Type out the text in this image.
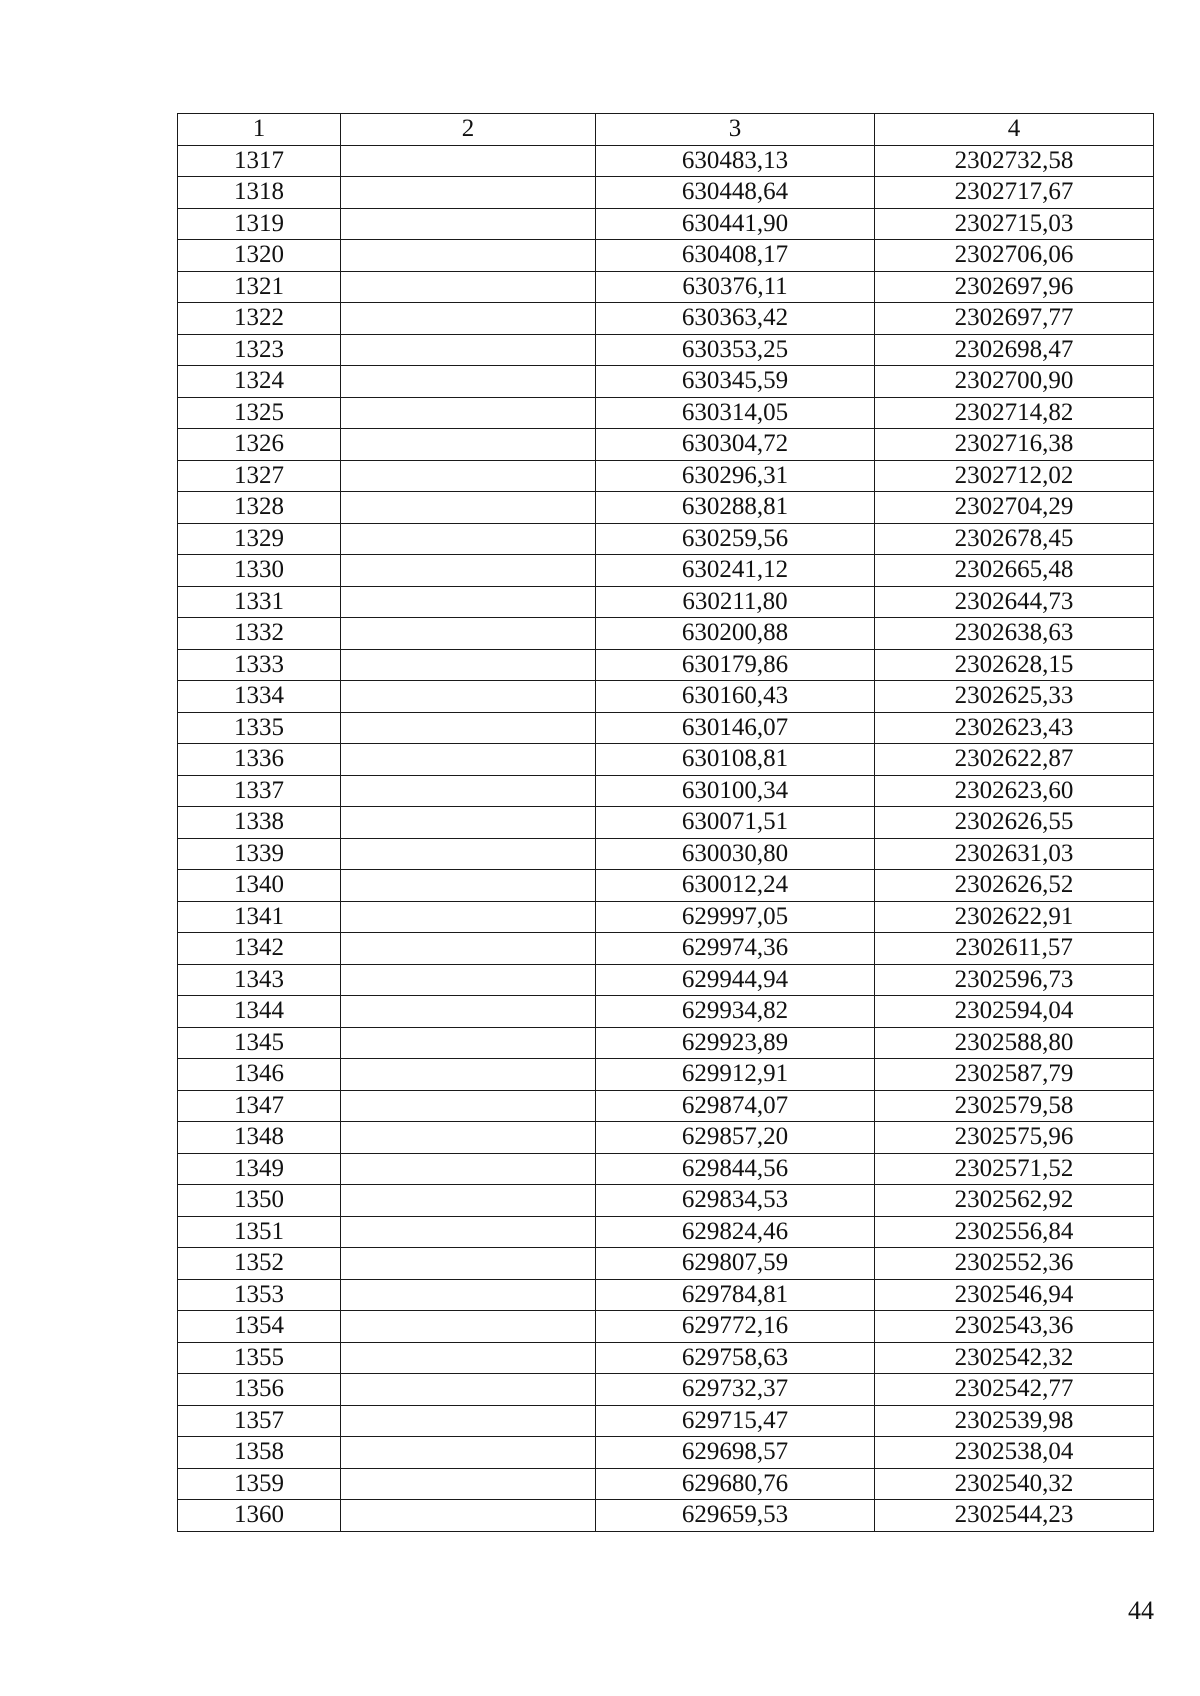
1	2	3	4
1317		630483,13	2302732,58
1318		630448,64	2302717,67
1319		630441,90	2302715,03
1320		630408,17	2302706,06
1321		630376,11	2302697,96
1322		630363,42	2302697,77
1323		630353,25	2302698,47
1324		630345,59	2302700,90
1325		630314,05	2302714,82
1326		630304,72	2302716,38
1327		630296,31	2302712,02
1328		630288,81	2302704,29
1329		630259,56	2302678,45
1330		630241,12	2302665,48
1331		630211,80	2302644,73
1332		630200,88	2302638,63
1333		630179,86	2302628,15
1334		630160,43	2302625,33
1335		630146,07	2302623,43
1336		630108,81	2302622,87
1337		630100,34	2302623,60
1338		630071,51	2302626,55
1339		630030,80	2302631,03
1340		630012,24	2302626,52
1341		629997,05	2302622,91
1342		629974,36	2302611,57
1343		629944,94	2302596,73
1344		629934,82	2302594,04
1345		629923,89	2302588,80
1346		629912,91	2302587,79
1347		629874,07	2302579,58
1348		629857,20	2302575,96
1349		629844,56	2302571,52
1350		629834,53	2302562,92
1351		629824,46	2302556,84
1352		629807,59	2302552,36
1353		629784,81	2302546,94
1354		629772,16	2302543,36
1355		629758,63	2302542,32
1356		629732,37	2302542,77
1357		629715,47	2302539,98
1358		629698,57	2302538,04
1359		629680,76	2302540,32
1360		629659,53	2302544,23
44
